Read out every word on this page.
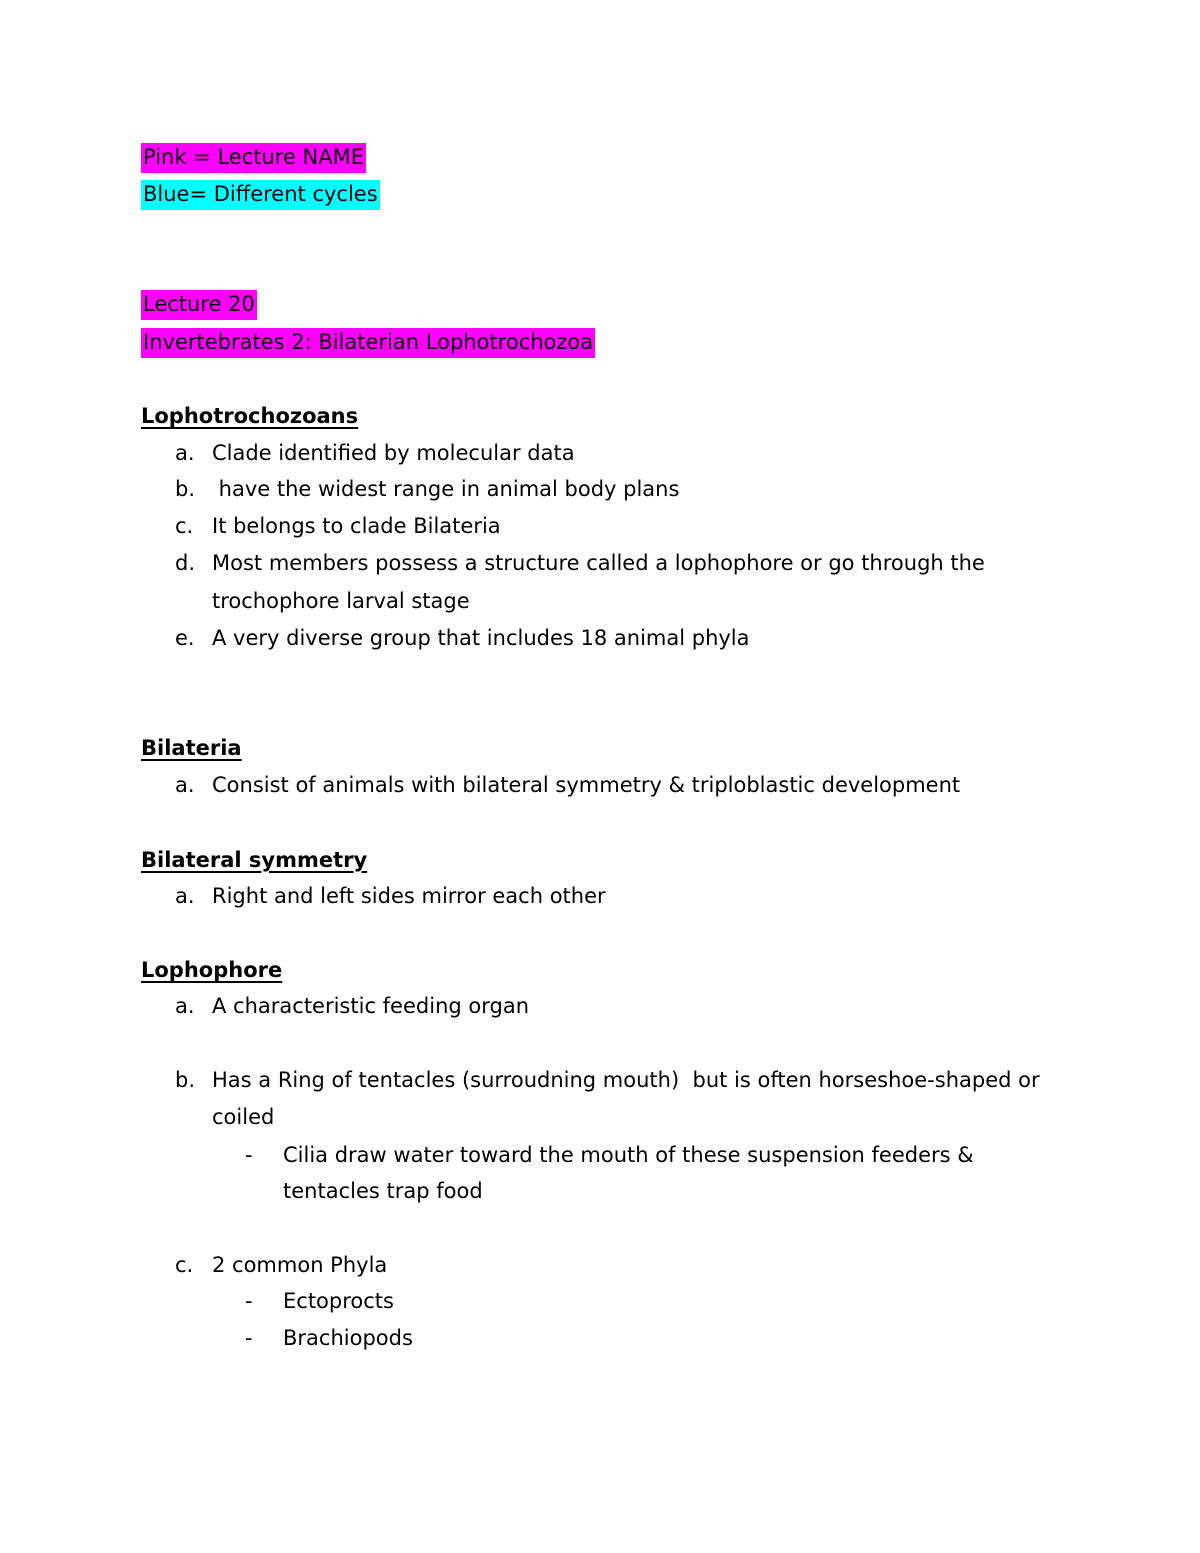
Pink = Lecture NAME
Blue= Different cycles
Lecture 20
Invertebrates 2: Bilaterian Lophotrochozoa
Lophotrochozoans
a. Clade identified by molecular data
b. have the widest range in animal body plans
c. It belongs to clade Bilateria
d. Most members possess a structure called a lophophore or go through the
trochophore larval stage
e. A very diverse group that includes 18 animal phyla
Bilateria
a. Consist of animals with bilateral symmetry & triploblastic development
Bilateral symmetry
a. Right and left sides mirror each other
Lophophore
a. A characteristic feeding organ
b. Has a Ring of tentacles (surroudning mouth)  but is often horseshoe-shaped or
coiled
- Cilia draw water toward the mouth of these suspension feeders &
tentacles trap food
c. 2 common Phyla
- Ectoprocts
- Brachiopods
